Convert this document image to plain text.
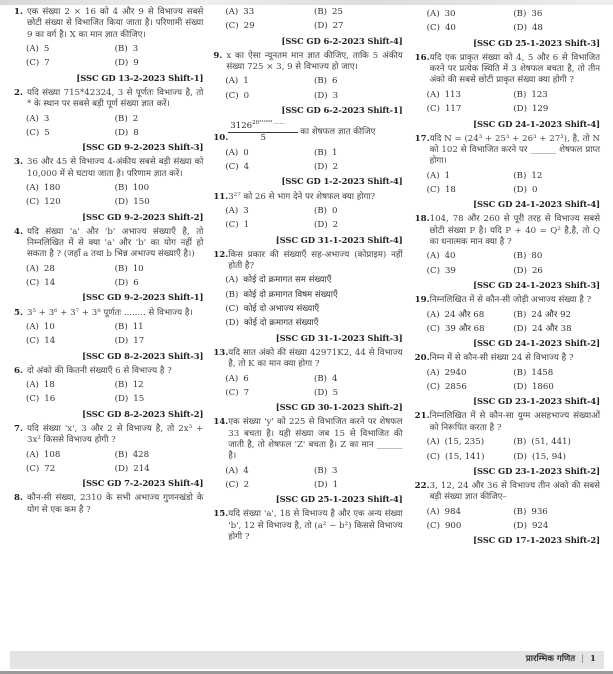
1. एक संख्या 2 × 16 को 4 और 9 से विभाज्य सबसे छोटी संख्या से विभाजित किया जाता है। परिणामी संख्या 9 का वर्ग है। X का मान ज्ञात कीजिए।
(A) 5	(B) 3
(C) 7	(D) 9
[SSC GD 13-2-2023 Shift-1]
2. यदि संख्या 715*42324, 3 से पूर्णतः विभाज्य है, तो * के स्थान पर सबसे बड़ी पूर्ण संख्या ज्ञात करें।
(A) 3	(B) 2
(C) 5	(D) 8
[SSC GD 9-2-2023 Shift-3]
3. 36 और 45 से विभाज्य 4-अंकीय सबसे बड़ी संख्या को 10,000 में से घटाया जाता है। परिणाम ज्ञात करें।
(A) 180	(B) 100
(C) 120	(D) 150
[SSC GD 9-2-2023 Shift-2]
4. यदि संख्या 'a' और 'b' अभाज्य संख्याएँ है, तो निम्नलिखित में से क्या 'a' और 'b' का योग नहीं हो सकता है ? (जहाँ a तथा b भिन्न अभाज्य संख्याएँ है।)
(A) 28	(B) 10
(C) 14	(D) 6
[SSC GD 9-2-2023 Shift-1]
5. 3⁵ + 3⁶ + 3⁷ + 3⁸ पूर्णतः ........ से विभाज्य है।
(A) 10	(B) 11
(C) 14	(D) 17
[SSC GD 8-2-2023 Shift-3]
6. दो अंको की कितनी संख्याएँ 6 से विभाज्य है ?
(A) 18	(B) 12
(C) 16	(D) 15
[SSC GD 8-2-2023 Shift-2]
7. यदि संख्या 'x', 3 और 2 से विभाज्य है, तो 2x³ + 3x² किससे विभाज्य होगी ?
(A) 108	(B) 428
(C) 72	(D) 214
[SSC GD 7-2-2023 Shift-4]
8. कौन-सी संख्या, 2310 के सभी अभाज्य गुणनखंडो के योग से एक कम है ?
(A) 33	(B) 25
(C) 29	(D) 27
[SSC GD 6-2-2023 Shift-4]
9. x का ऐसा न्यूनतम मान ज्ञात कीजिए, ताकि 5 अंकीय संख्या 725 × 3, 9 से विभाज्य हो जाए।
(A) 1	(B) 6
(C) 0	(D) 3
[SSC GD 6-2-2023 Shift-1]
10. $\frac{3126^{20^{212223} ......}}{5}$ का शेषफल ज्ञात कीजिए
(A) 0	(B) 1
(C) 4	(D) 2
[SSC GD 1-2-2023 Shift-4]
11. 3²⁷ को 26 से भाग देने पर शेषफल क्या होगा?
(A) 3	(B) 0
(C) 1	(D) 2
[SSC GD 31-1-2023 Shift-4]
12. किस प्रकार की संख्याएँ सह-अभाज्य (कोप्राइम) नहीं होती है?
(A) कोई दो क्रमागत सम संख्याएँ
(B) कोई दो क्रमागत विषम संख्याएँ
(C) कोई दो अभाज्य संख्याएँ
(D) कोई दो क्रमागत संख्याएँ
[SSC GD 31-1-2023 Shift-3]
13. यदि सात अंको की संख्या 42971K2, 44 से विभाज्य है, तो K का मान क्या होगा ?
(A) 6	(B) 4
(C) 7	(D) 5
[SSC GD 30-1-2023 Shift-2]
14. एक संख्या 'y' को 225 से विभाजित करने पर शेषफल 33 बचता है। यही संख्या जब 15 से विभाजित की जाती है, तो शेषफल 'Z' बचता है। Z का मान ______ है।
(A) 4	(B) 3
(C) 2	(D) 1
[SSC GD 25-1-2023 Shift-4]
15. यदि संख्या 'a', 18 से विभाज्य है और एक अन्य संख्या 'b', 12 से विभाज्य है, तो (a² − b²) किससे विभाज्य होगी ?
(A) 30	(B) 36
(C) 40	(D) 48
[SSC GD 25-1-2023 Shift-3]
16. यदि एक प्राकृत संख्या को 4, 5 और 6 से विभाजित करने पर प्रत्येक स्थिति में 3 शेषफल बचता है, तो तीन अंको की सबसे छोटी प्राकृत संख्या क्या होगी ?
(A) 113	(B) 123
(C) 117	(D) 129
[SSC GD 24-1-2023 Shift-4]
17. यदि N = (24³ + 25³ + 26³ + 27³), है, तो N को 102 से विभाजित करने पर ______ शेषफल प्राप्त होगा।
(A) 1	(B) 12
(C) 18	(D) 0
[SSC GD 24-1-2023 Shift-4]
18. 104, 78 और 260 से पूरी तरह से विभाज्य सबसे छोटी संख्या P है। यदि P + 40 = Q² है,है, तो Q का धनात्मक मान क्या है ?
(A) 40	(B) 80
(C) 39	(D) 26
[SSC GD 24-1-2023 Shift-3]
19. निम्नलिखित में से कौन-सी जोड़ी अभाज्य संख्या है ?
(A) 24 और 68	(B) 24 और 92
(C) 39 और 68	(D) 24 और 38
[SSC GD 24-1-2023 Shift-2]
20. निम्न में से कौन-सी संख्या 24 से विभाज्य है ?
(A) 2940	(B) 1458
(C) 2856	(D) 1860
[SSC GD 23-1-2023 Shift-4]
21. निम्नलिखित में से कौन-सा युग्म असहभाज्य संख्याओं को निरूपित करता है ?
(A) (15, 235)	(B) (51, 441)
(C) (15, 141)	(D) (15, 94)
[SSC GD 23-1-2023 Shift-2]
22. 3, 12, 24 और 36 से विभाज्य तीन अंको की सबसे बड़ी संख्या ज्ञात कीजिए–
(A) 984	(B) 936
(C) 900	(D) 924
[SSC GD 17-1-2023 Shift-2]
प्रारम्भिक गणित | 1
